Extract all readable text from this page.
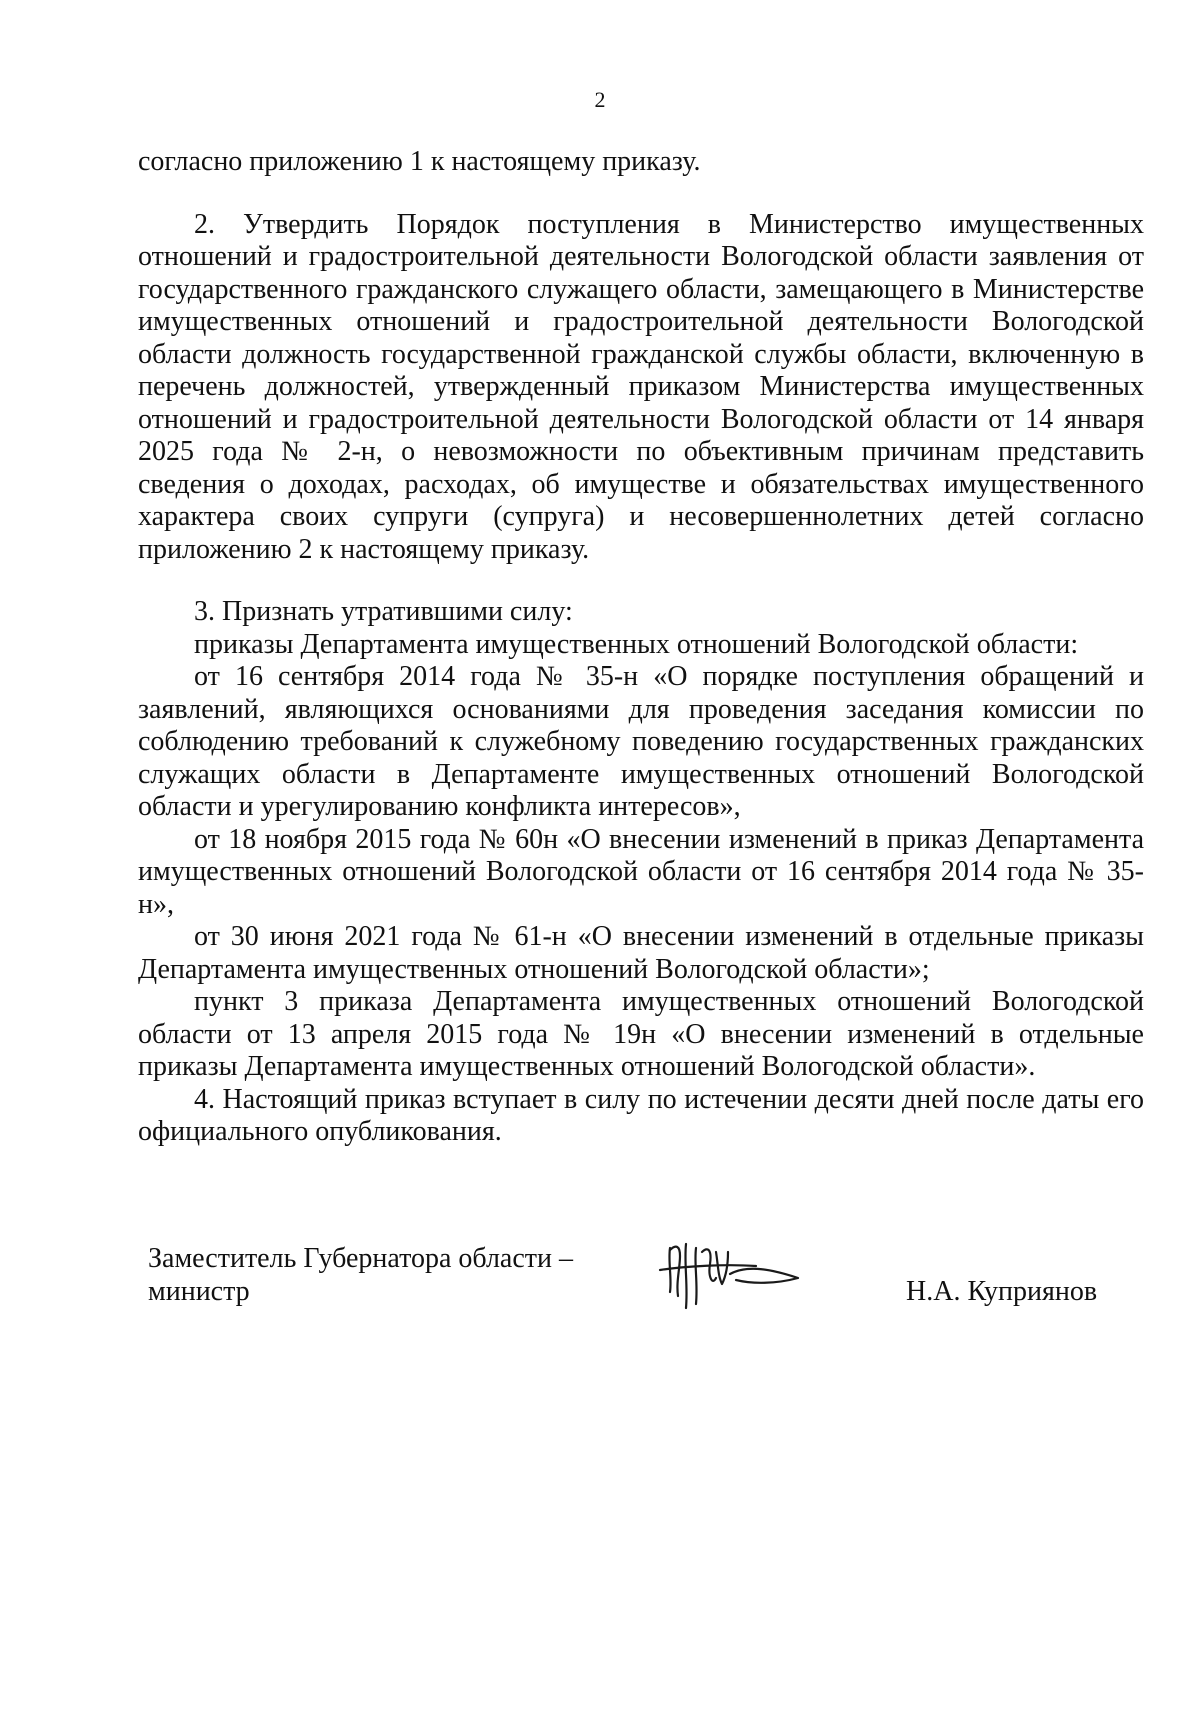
2

согласно приложению 1 к настоящему приказу.

2. Утвердить Порядок поступления в Министерство имущественных отношений и градостроительной деятельности Вологодской области заявления от государственного гражданского служащего области, замещающего в Министерстве имущественных отношений и градостроительной деятельности Вологодской области должность государственной гражданской службы области, включенную в перечень должностей, утвержденный приказом Министерства имущественных отношений и градостроительной деятельности Вологодской области от 14 января 2025 года № 2-н, о невозможности по объективным причинам представить сведения о доходах, расходах, об имуществе и обязательствах имущественного характера своих супруги (супруга) и несовершеннолетних детей согласно приложению 2 к настоящему приказу.

3. Признать утратившими силу:

приказы Департамента имущественных отношений Вологодской области:

от 16 сентября 2014 года № 35-н «О порядке поступления обращений и заявлений, являющихся основаниями для проведения заседания комиссии по соблюдению требований к служебному поведению государственных гражданских служащих области в Департаменте имущественных отношений Вологодской области и урегулированию конфликта интересов»,

от 18 ноября 2015 года № 60н «О внесении изменений в приказ Департамента имущественных отношений Вологодской области от 16 сентября 2014 года № 35-н»,

от 30 июня 2021 года № 61-н «О внесении изменений в отдельные приказы Департамента имущественных отношений Вологодской области»;

пункт 3 приказа Департамента имущественных отношений Вологодской области от 13 апреля 2015 года № 19н «О внесении изменений в отдельные приказы Департамента имущественных отношений Вологодской области».

4. Настоящий приказ вступает в силу по истечении десяти дней после даты его официального опубликования.

Заместитель Губернатора области –
министр	Н.А. Куприянов
